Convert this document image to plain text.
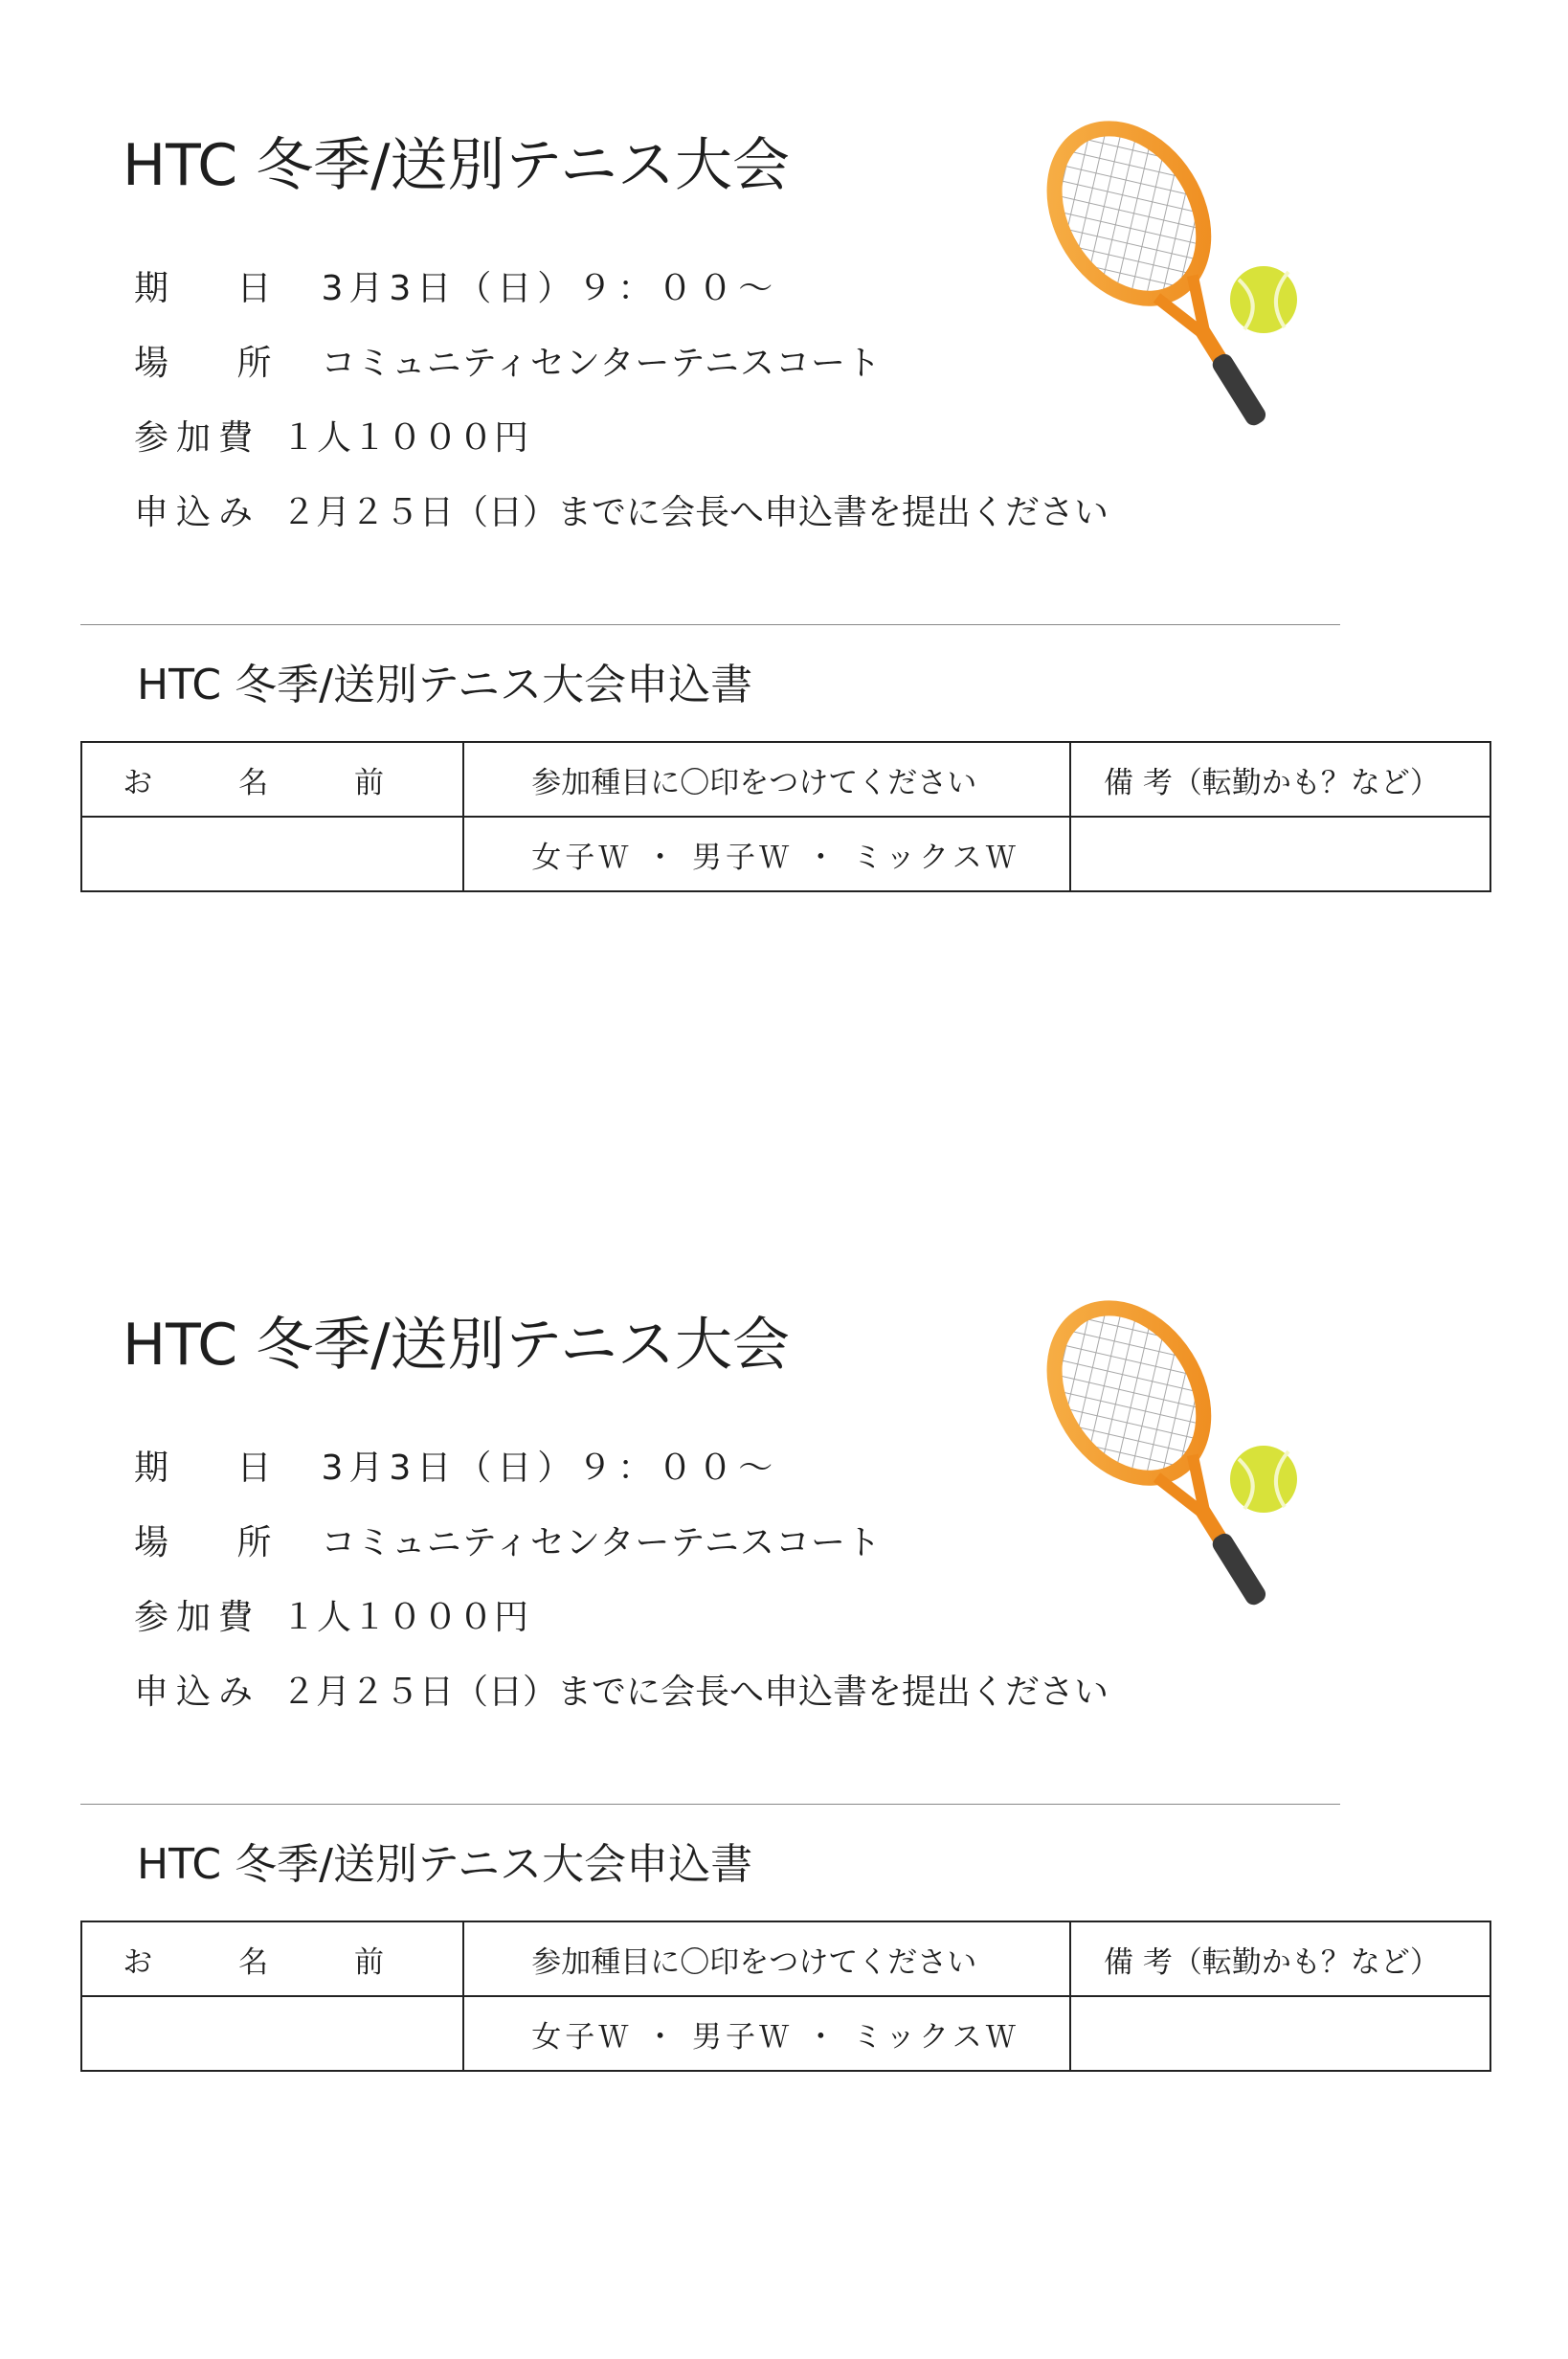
HTC 冬季/送別テニス大会
期 日 3月3日（日）９：００～
場 所 コミュニティセンターテニスコート
参加費 １人１０００円
申込み ２月２５日（日）までに会長へ申込書を提出ください
HTC 冬季/送別テニス大会申込書
お 名 前	参加種目に〇印をつけてください	備 考（転勤かも？など）
	女子Ｗ ・ 男子Ｗ ・ ミックスＷ	
HTC 冬季/送別テニス大会
期 日 3月3日（日）９：００～
場 所 コミュニティセンターテニスコート
参加費 １人１０００円
申込み ２月２５日（日）までに会長へ申込書を提出ください
HTC 冬季/送別テニス大会申込書
お 名 前	参加種目に〇印をつけてください	備 考（転勤かも？など）
	女子Ｗ ・ 男子Ｗ ・ ミックスＷ	
